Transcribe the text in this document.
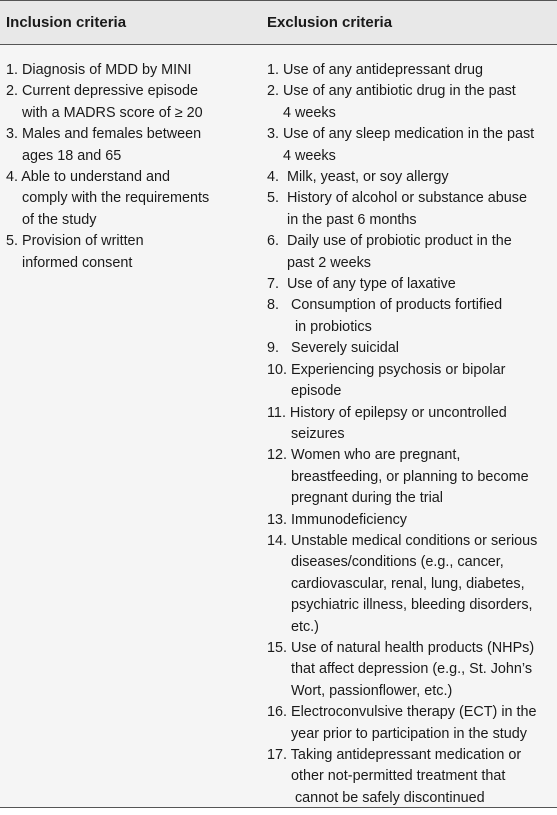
Inclusion criteria	Exclusion criteria
1. Diagnosis of MDD by MINI
2. Current depressive episode
with a MADRS score of ≥ 20
3. Males and females between
ages 18 and 65
4. Able to understand and
comply with the requirements
of the study
5. Provision of written
informed consent
1. Use of any antidepressant drug
2. Use of any antibiotic drug in the past
4 weeks
3. Use of any sleep medication in the past
4 weeks
4.  Milk, yeast, or soy allergy
5.  History of alcohol or substance abuse
in the past 6 months
6.  Daily use of probiotic product in the
past 2 weeks
7.  Use of any type of laxative
8.   Consumption of products fortified
in probiotics
9.   Severely suicidal
10. Experiencing psychosis or bipolar
episode
11. History of epilepsy or uncontrolled
seizures
12. Women who are pregnant,
breastfeeding, or planning to become
pregnant during the trial
13. Immunodeficiency
14. Unstable medical conditions or serious
diseases/conditions (e.g., cancer,
cardiovascular, renal, lung, diabetes,
psychiatric illness, bleeding disorders,
etc.)
15. Use of natural health products (NHPs)
that affect depression (e.g., St. John’s
Wort, passionflower, etc.)
16. Electroconvulsive therapy (ECT) in the
year prior to participation in the study
17. Taking antidepressant medication or
other not-permitted treatment that
cannot be safely discontinued
